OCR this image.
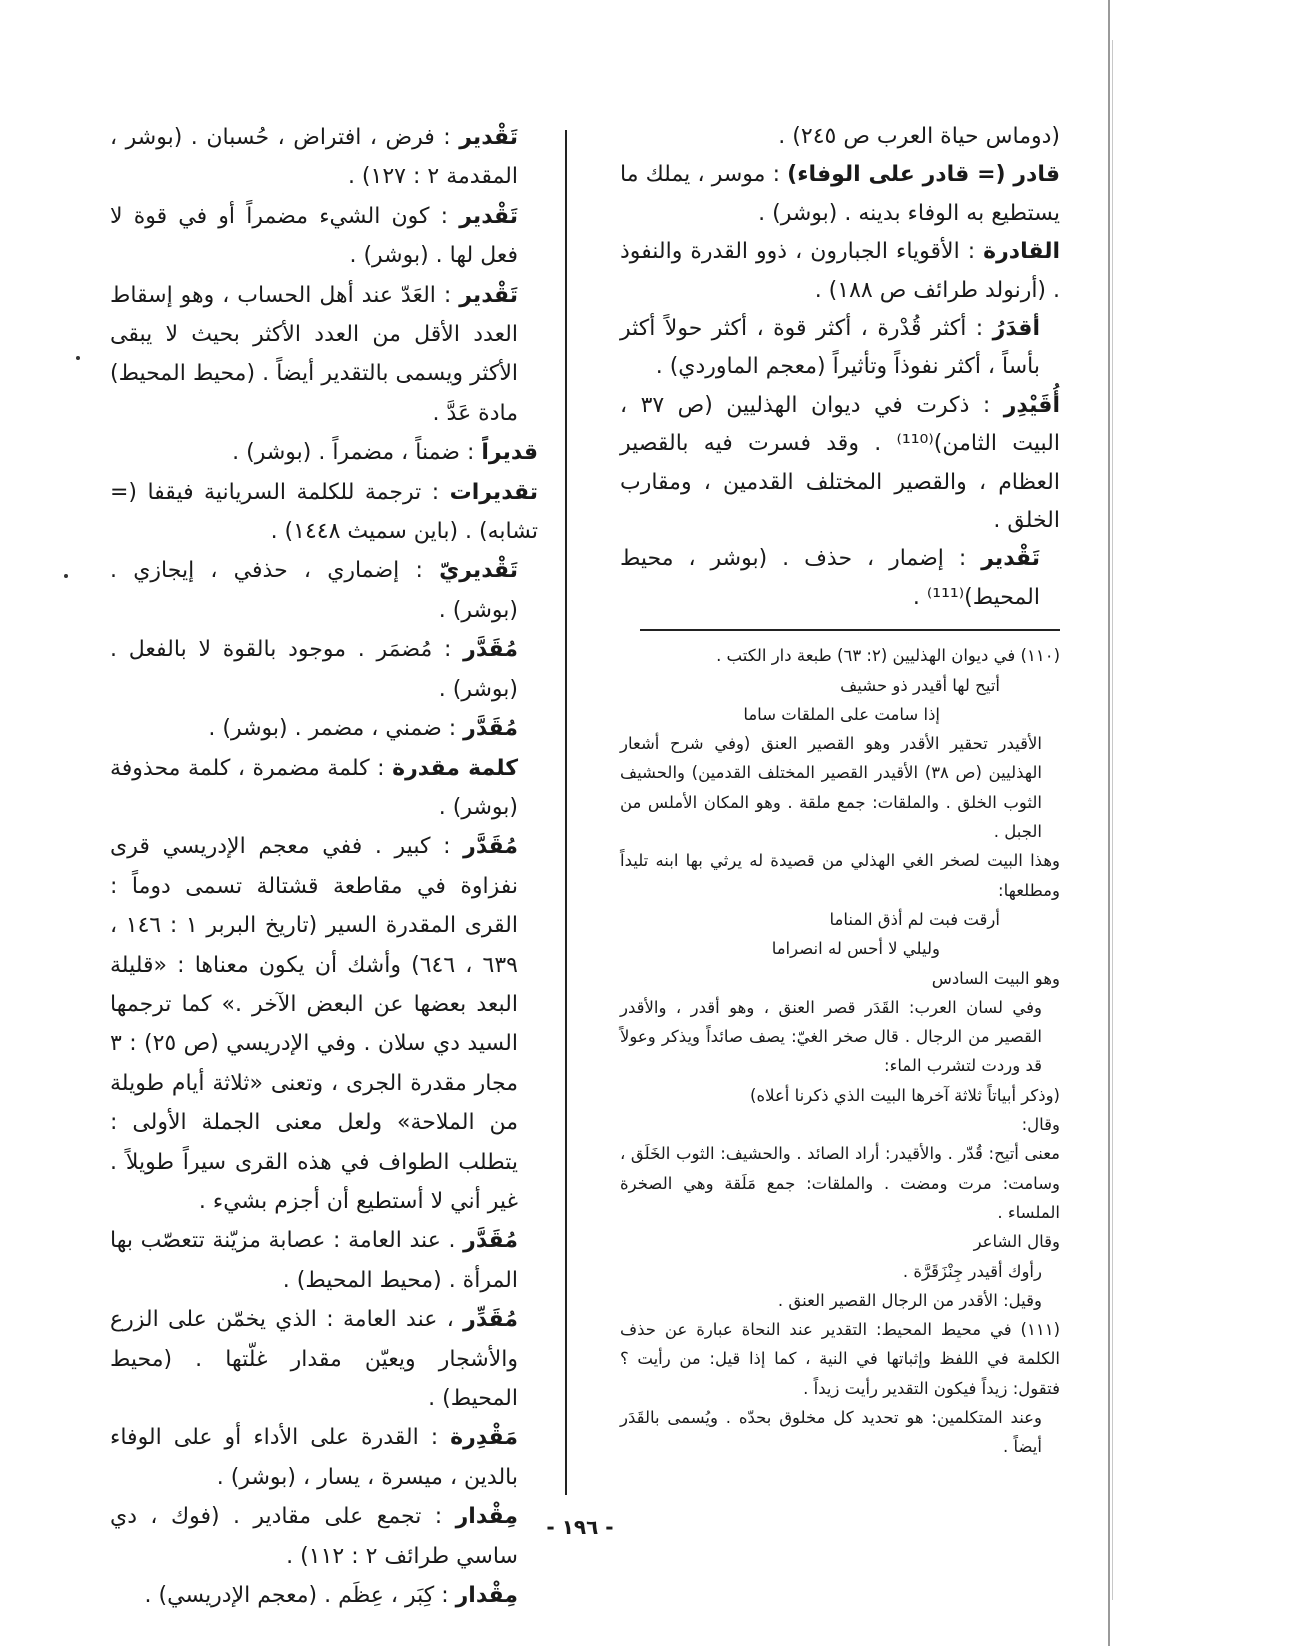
(دوماس حياة العرب ص ٢٤٥) .

قادر (= قادر على الوفاء) : موسر ، يملك ما يستطيع به الوفاء بدينه . (بوشر) .

القادرة : الأقوياء الجبارون ، ذوو القدرة والنفوذ . (أرنولد طرائف ص ١٨٨) .

أقدَرُ : أكثر قُدْرة ، أكثر قوة ، أكثر حولاً أكثر بأساً ، أكثر نفوذاً وتأثيراً (معجم الماوردي) .

أُقَيْدِر : ذكرت في ديوان الهذليين (ص ٣٧ ، البيت الثامن)⁽¹¹⁰⁾ . وقد فسرت فيه بالقصير العظام ، والقصير المختلف القدمين ، ومقارب الخلق .

تَقْدير : إضمار ، حذف . (بوشر ، محيط المحيط)⁽¹¹¹⁾ .

(١١٠) في ديوان الهذليين (٢: ٦٣) طبعة دار الكتب .

أتيح لها أقيدر ذو حشيف

إذا سامت على الملقات ساما

الأقيدر تحقير الأقدر وهو القصير العنق (وفي شرح أشعار الهذليين (ص ٣٨) الأقيدر القصير المختلف القدمين) والحشيف الثوب الخلق . والملقات: جمع ملقة . وهو المكان الأملس من الجبل .

وهذا البيت لصخر الغي الهذلي من قصيدة له يرثي بها ابنه تليداً ومطلعها:

أرقت فبت لم أذق المناما

وليلي لا أحس له انصراما

وهو البيت السادس

وفي لسان العرب: القَدَر قصر العنق ، وهو أقدر ، والأقدر القصير من الرجال . قال صخر الغيّ: يصف صائداً ويذكر وعولاً قد وردت لتشرب الماء:

(وذكر أبياتاً ثلاثة آخرها البيت الذي ذكرنا أعلاه)

وقال:

معنى أتيح: قُدّر . والأقيدر: أراد الصائد . والحشيف: الثوب الخَلَق ، وسامت: مرت ومضت . والملقات: جمع مَلَقة وهي الصخرة الملساء .

وقال الشاعر

رأوك أقيدر جِنْزَقَرَّة .

وقيل: الأقدر من الرجال القصير العنق .

(١١١) في محيط المحيط: التقدير عند النحاة عبارة عن حذف الكلمة في اللفظ وإثباتها في النية ، كما إذا قيل: من رأيت ؟ فتقول: زيداً فيكون التقدير رأيت زيداً .

وعند المتكلمين: هو تحديد كل مخلوق بحدّه . ويُسمى بالقَدَر أيضاً .

تَقْدير : فرض ، افتراض ، حُسبان . (بوشر ، المقدمة ٢ : ١٢٧) .

تَقْدير : كون الشيء مضمراً أو في قوة لا فعل لها . (بوشر) .

تَقْدير : العَدّ عند أهل الحساب ، وهو إسقاط العدد الأقل من العدد الأكثر بحيث لا يبقى الأكثر ويسمى بالتقدير أيضاً . (محيط المحيط) مادة عَدَّ .

قديراً : ضمناً ، مضمراً . (بوشر) .

تقديرات : ترجمة للكلمة السريانية فيقفا (= تشابه) . (باين سميث ١٤٤٨) .

تَقْديريّ : إضماري ، حذفي ، إيجازي . (بوشر) .

مُقَدَّر : مُضمَر . موجود بالقوة لا بالفعل . (بوشر) .

مُقَدَّر : ضمني ، مضمر . (بوشر) .

كلمة مقدرة : كلمة مضمرة ، كلمة محذوفة (بوشر) .

مُقَدَّر : كبير . ففي معجم الإدريسي قرى نفزاوة في مقاطعة قشتالة تسمى دوماً : القرى المقدرة السير (تاريخ البربر ١ : ١٤٦ ، ٦٣٩ ، ٦٤٦) وأشك أن يكون معناها : «قليلة البعد بعضها عن البعض الآخر .» كما ترجمها السيد دي سلان . وفي الإدريسي (ص ٢٥) : ٣ مجار مقدرة الجرى ، وتعنى «ثلاثة أيام طويلة من الملاحة» ولعل معنى الجملة الأولى : يتطلب الطواف في هذه القرى سيراً طويلاً . غير أني لا أستطيع أن أجزم بشيء .

مُقَدَّر . عند العامة : عصابة مزيّنة تتعصّب بها المرأة . (محيط المحيط) .

مُقَدِّر ، عند العامة : الذي يخمّن على الزرع والأشجار ويعيّن مقدار غلّتها . (محيط المحيط) .

مَقْدِرة : القدرة على الأداء أو على الوفاء بالدين ، ميسرة ، يسار ، (بوشر) .

مِقْدار : تجمع على مقادير . (فوك ، دي ساسي طرائف ٢ : ١١٢) .

مِقْدار : كِبَر ، عِظَم . (معجم الإدريسي) .

- ١٩٦ -
